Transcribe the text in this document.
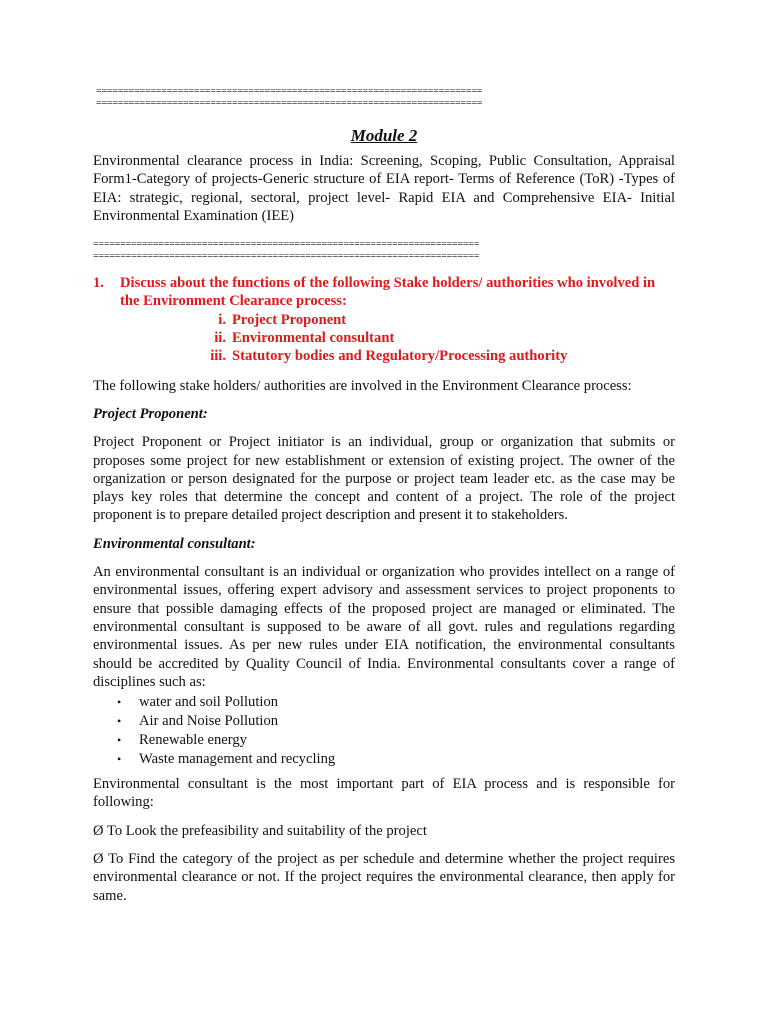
=======================================================================
=======================================================================
Module 2

Environmental clearance process in India: Screening, Scoping, Public Consultation, Appraisal Form1-Category of projects-Generic structure of EIA report- Terms of Reference (ToR) -Types of EIA: strategic, regional, sectoral, project level- Rapid EIA and Comprehensive EIA- Initial Environmental Examination (IEE)

=======================================================================
=======================================================================
1.	Discuss about the functions of the following Stake holders/ authorities who involved in the Environment Clearance process:
i. Project Proponent
ii. Environmental consultant
iii. Statutory bodies and Regulatory/Processing authority

The following stake holders/ authorities are involved in the Environment Clearance process:

Project Proponent:

Project Proponent or Project initiator is an individual, group or organization that submits or proposes some project for new establishment or extension of existing project. The owner of the organization or person designated for the purpose or project team leader etc. as the case may be plays key roles that determine the concept and content of a project. The role of the project proponent is to prepare detailed project description and present it to stakeholders.

Environmental consultant:

An environmental consultant is an individual or organization who provides intellect on a range of environmental issues, offering expert advisory and assessment services to project proponents to ensure that possible damaging effects of the proposed project are managed or eliminated. The environmental consultant is supposed to be aware of all govt. rules and regulations regarding environmental issues. As per new rules under EIA notification, the environmental consultants should be accredited by Quality Council of India. Environmental consultants cover a range of disciplines such as:

•	water and soil Pollution
•	Air and Noise Pollution
•	Renewable energy
•	Waste management and recycling

Environmental consultant is the most important part of EIA process and is responsible for following:

Ø To Look the prefeasibility and suitability of the project

Ø To Find the category of the project as per schedule and determine whether the project requires environmental clearance or not. If the project requires the environmental clearance, then apply for same.
